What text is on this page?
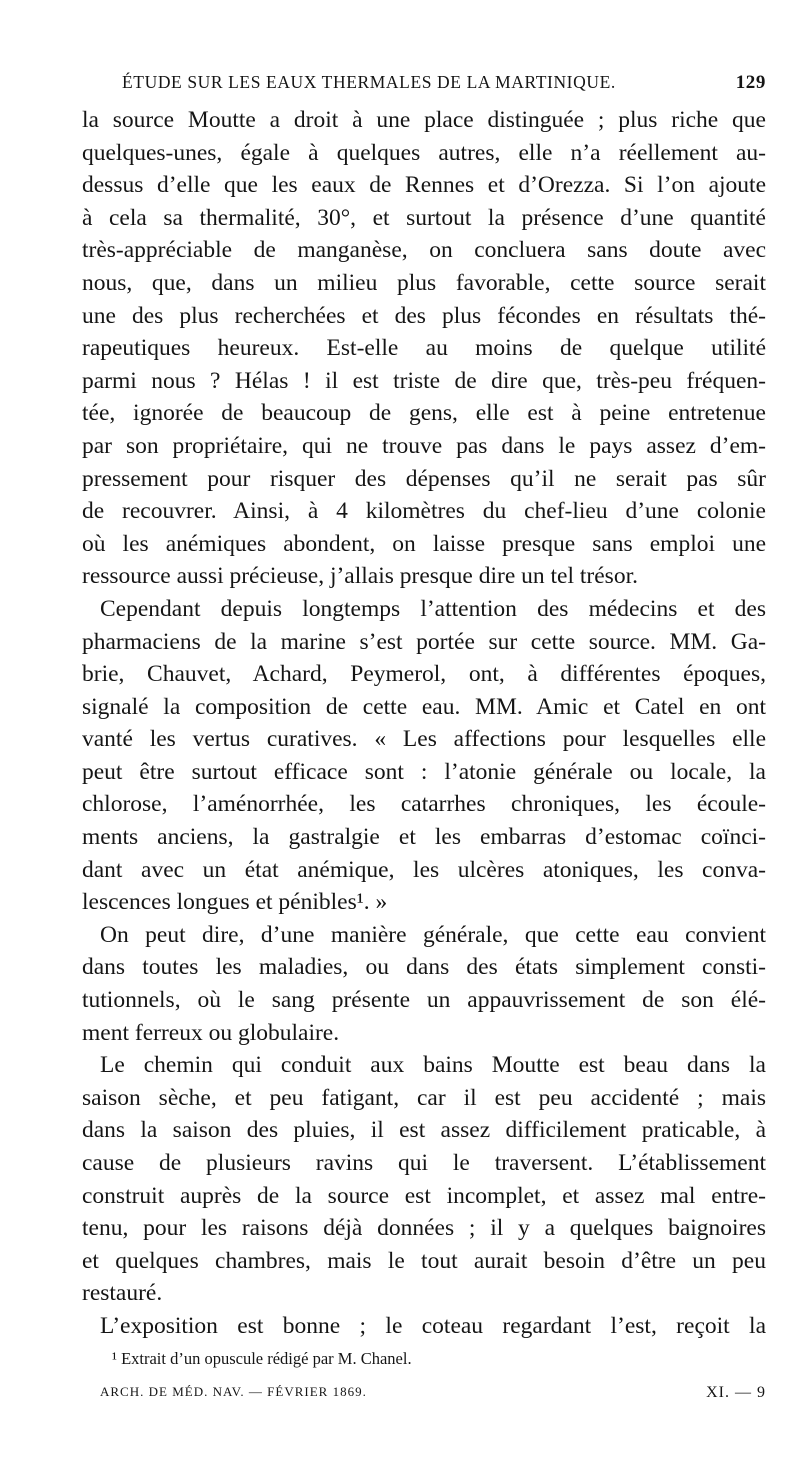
ÉTUDE SUR LES EAUX THERMALES DE LA MARTINIQUE.	129
la source Moutte a droit à une place distinguée ; plus riche que
quelques-unes, égale à quelques autres, elle n’a réellement au-
dessus d’elle que les eaux de Rennes et d’Orezza. Si l’on ajoute
à cela sa thermalité, 30°, et surtout la présence d’une quantité
très-appréciable de manganèse, on concluera sans doute avec
nous, que, dans un milieu plus favorable, cette source serait
une des plus recherchées et des plus fécondes en résultats thé-
rapeutiques heureux. Est-elle au moins de quelque utilité
parmi nous ? Hélas ! il est triste de dire que, très-peu fréquen-
tée, ignorée de beaucoup de gens, elle est à peine entretenue
par son propriétaire, qui ne trouve pas dans le pays assez d’em-
pressement pour risquer des dépenses qu’il ne serait pas sûr
de recouvrer. Ainsi, à 4 kilomètres du chef-lieu d’une colonie
où les anémiques abondent, on laisse presque sans emploi une
ressource aussi précieuse, j’allais presque dire un tel trésor.
Cependant depuis longtemps l’attention des médecins et des
pharmaciens de la marine s’est portée sur cette source. MM. Ga-
brie, Chauvet, Achard, Peymerol, ont, à différentes époques,
signalé la composition de cette eau. MM. Amic et Catel en ont
vanté les vertus curatives. « Les affections pour lesquelles elle
peut être surtout efficace sont : l’atonie générale ou locale, la
chlorose, l’aménorrhée, les catarrhes chroniques, les écoule-
ments anciens, la gastralgie et les embarras d’estomac coïnci-
dant avec un état anémique, les ulcères atoniques, les conva-
lescences longues et pénibles¹. »
On peut dire, d’une manière générale, que cette eau convient
dans toutes les maladies, ou dans des états simplement consti-
tutionnels, où le sang présente un appauvrissement de son élé-
ment ferreux ou globulaire.
Le chemin qui conduit aux bains Moutte est beau dans la
saison sèche, et peu fatigant, car il est peu accidenté ; mais
dans la saison des pluies, il est assez difficilement praticable, à
cause de plusieurs ravins qui le traversent. L’établissement
construit auprès de la source est incomplet, et assez mal entre-
tenu, pour les raisons déjà données ; il y a quelques baignoires
et quelques chambres, mais le tout aurait besoin d’être un peu
restauré.
L’exposition est bonne ; le coteau regardant l’est, reçoit la
¹ Extrait d’un opuscule rédigé par M. Chanel.
ARCH. DE MÉD. NAV. — FÉVRIER 1869.	XI. — 9
